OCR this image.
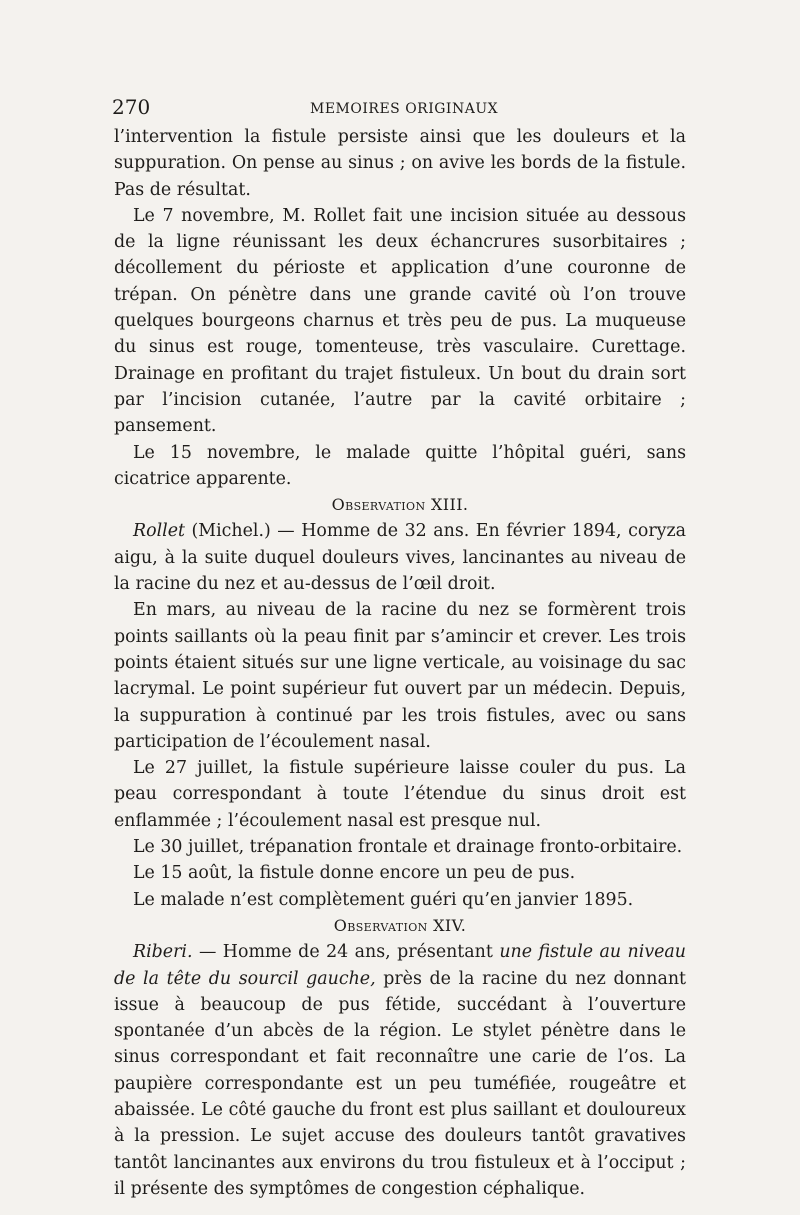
270	MEMOIRES ORIGINAUX

l’intervention la fistule persiste ainsi que les douleurs et la suppuration. On pense au sinus ; on avive les bords de la fistule. Pas de résultat.

Le 7 novembre, M. Rollet fait une incision située au dessous de la ligne réunissant les deux échancrures susorbitaires ; décollement du périoste et application d’une couronne de trépan. On pénètre dans une grande cavité où l’on trouve quelques bourgeons charnus et très peu de pus. La muqueuse du sinus est rouge, tomenteuse, très vasculaire. Curettage. Drainage en profitant du trajet fistuleux. Un bout du drain sort par l’incision cutanée, l’autre par la cavité orbitaire ; pansement.

Le 15 novembre, le malade quitte l’hôpital guéri, sans cicatrice apparente.

Observation XIII.

Rollet (Michel.) — Homme de 32 ans. En février 1894, coryza aigu, à la suite duquel douleurs vives, lancinantes au niveau de la racine du nez et au-dessus de l’œil droit.

En mars, au niveau de la racine du nez se formèrent trois points saillants où la peau finit par s’amincir et crever. Les trois points étaient situés sur une ligne verticale, au voisinage du sac lacrymal. Le point supérieur fut ouvert par un médecin. Depuis, la suppuration à continué par les trois fistules, avec ou sans participation de l’écoulement nasal.

Le 27 juillet, la fistule supérieure laisse couler du pus. La peau correspondant à toute l’étendue du sinus droit est enflammée ; l’écoulement nasal est presque nul.

Le 30 juillet, trépanation frontale et drainage fronto-orbitaire.

Le 15 août, la fistule donne encore un peu de pus.

Le malade n’est complètement guéri qu’en janvier 1895.

Observation XIV.

Riberi. — Homme de 24 ans, présentant une fistule au niveau de la tête du sourcil gauche, près de la racine du nez donnant issue à beaucoup de pus fétide, succédant à l’ouverture spontanée d’un abcès de la région. Le stylet pénètre dans le sinus correspondant et fait reconnaître une carie de l’os. La paupière correspondante est un peu tuméfiée, rougeâtre et abaissée. Le côté gauche du front est plus saillant et douloureux à la pression. Le sujet accuse des douleurs tantôt gravatives tantôt lancinantes aux environs du trou fistuleux et à l’occiput ; il présente des symptômes de congestion céphalique.
